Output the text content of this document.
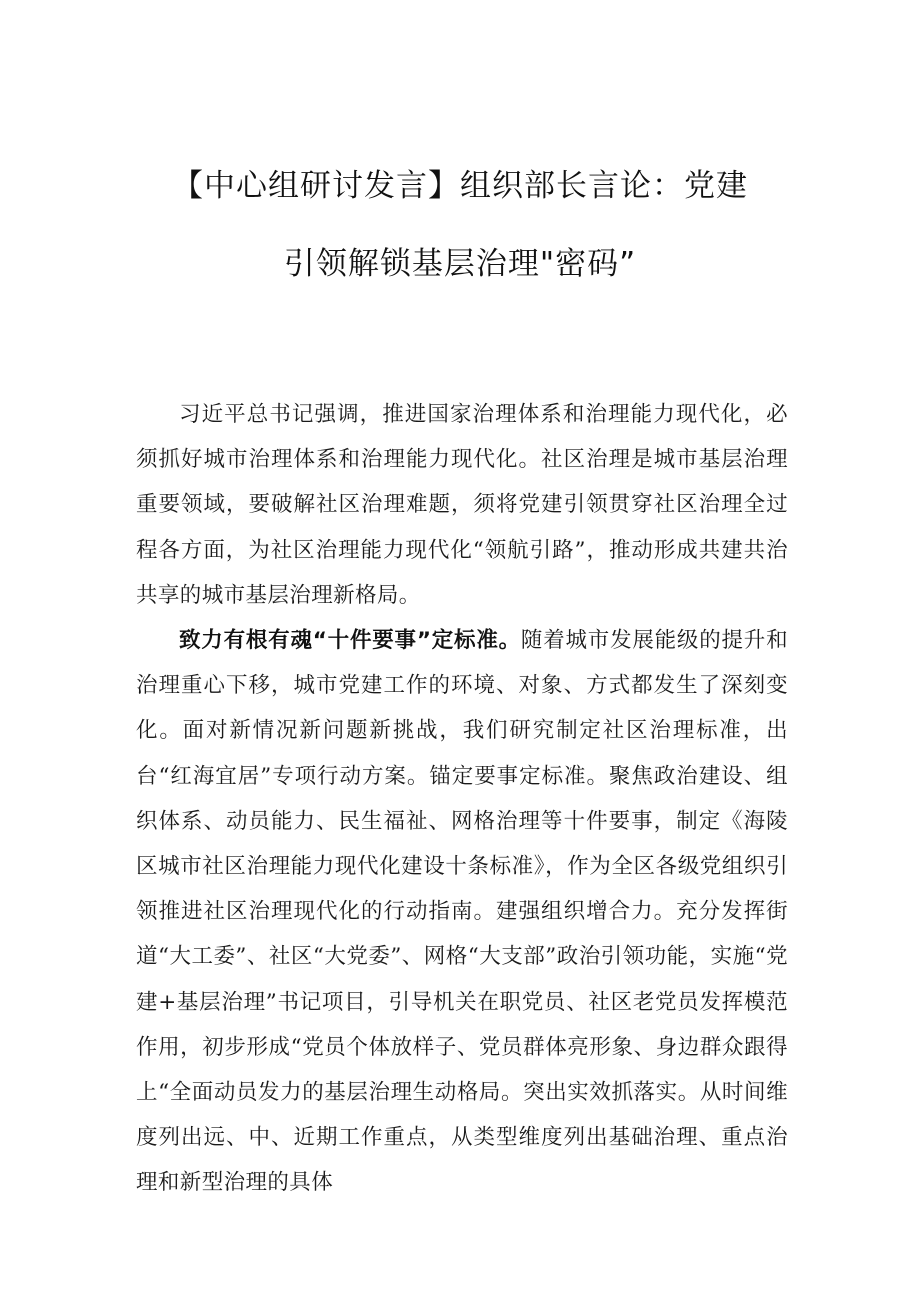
【中心组研讨发言】组织部长言论：党建
引领解锁基层治理"密码”

习近平总书记强调，推进国家治理体系和治理能力现代化，必须抓好城市治理体系和治理能力现代化。社区治理是城市基层治理重要领域，要破解社区治理难题，须将党建引领贯穿社区治理全过程各方面，为社区治理能力现代化“领航引路”，推动形成共建共治共享的城市基层治理新格局。

致力有根有魂“十件要事”定标准。随着城市发展能级的提升和治理重心下移，城市党建工作的环境、对象、方式都发生了深刻变化。面对新情况新问题新挑战，我们研究制定社区治理标准，出台“红海宜居”专项行动方案。锚定要事定标准。聚焦政治建设、组织体系、动员能力、民生福祉、网格治理等十件要事，制定《海陵区城市社区治理能力现代化建设十条标准》，作为全区各级党组织引领推进社区治理现代化的行动指南。建强组织增合力。充分发挥街道“大工委”、社区“大党委”、网格“大支部”政治引领功能，实施“党建+基层治理”书记项目，引导机关在职党员、社区老党员发挥模范作用，初步形成“党员个体放样子、党员群体亮形象、身边群众跟得上“全面动员发力的基层治理生动格局。突出实效抓落实。从时间维度列出远、中、近期工作重点，从类型维度列出基础治理、重点治理和新型治理的具体
